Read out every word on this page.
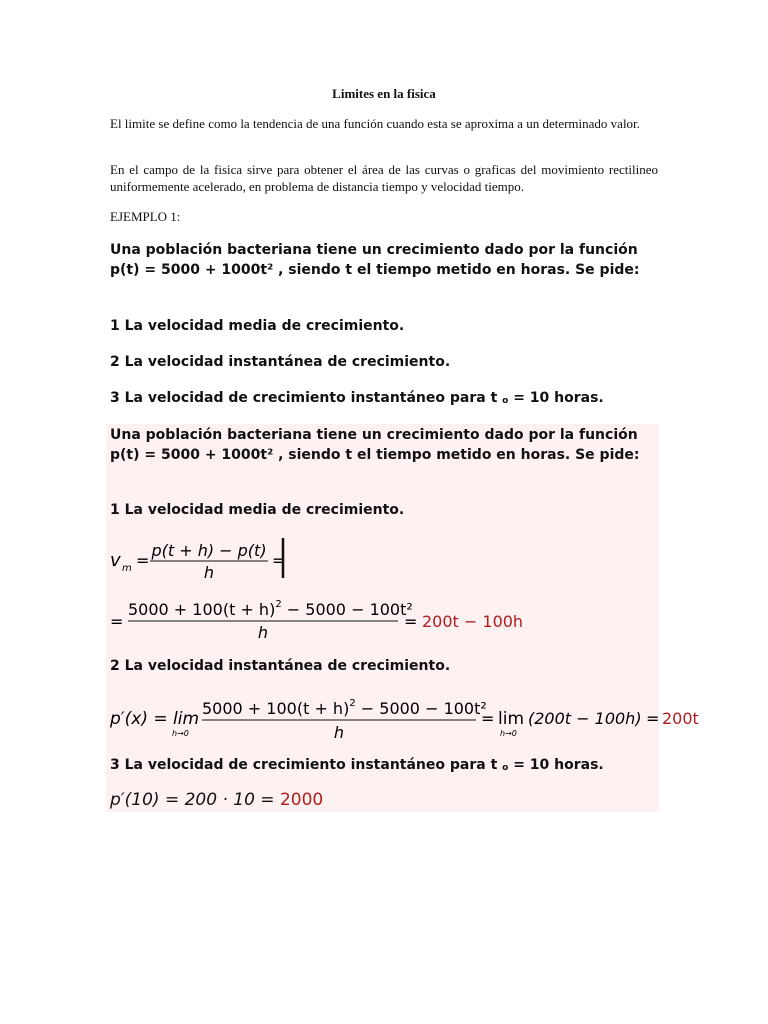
Limites en la fisica
El limite se define como la tendencia de una función cuando esta se aproxima a un determinado valor.
En el campo de la fisica sirve para obtener el área de las curvas o graficas del movimiento rectilineo uniformemente acelerado, en problema de distancia tiempo y velocidad tiempo.
EJEMPLO 1:
Una población bacteriana tiene un crecimiento dado por la función p(t) = 5000 + 1000t² , siendo t el tiempo metido en horas. Se pide:
1 La velocidad media de crecimiento.
2 La velocidad instantánea de crecimiento.
3 La velocidad de crecimiento instantáneo para t o = 10 horas.
Una población bacteriana tiene un crecimiento dado por la función p(t) = 5000 + 1000t² , siendo t el tiempo metido en horas. Se pide:
1 La velocidad media de crecimiento.
v m =
p(t + h) − p(t)
h
=
=
$5000 + 100(t + h)^2 - 5000 - 100t^2$
h
= 200t − 100h
2 La velocidad instantánea de crecimiento.
p′(x) = lim
h→0
$5000 + 100(t + h)^2 - 5000 - 100t^2$
h
= lim
h→0
(200t − 100h) = 200t
3 La velocidad de crecimiento instantáneo para t o = 10 horas.
p′(10) = 200 · 10 = 2000
